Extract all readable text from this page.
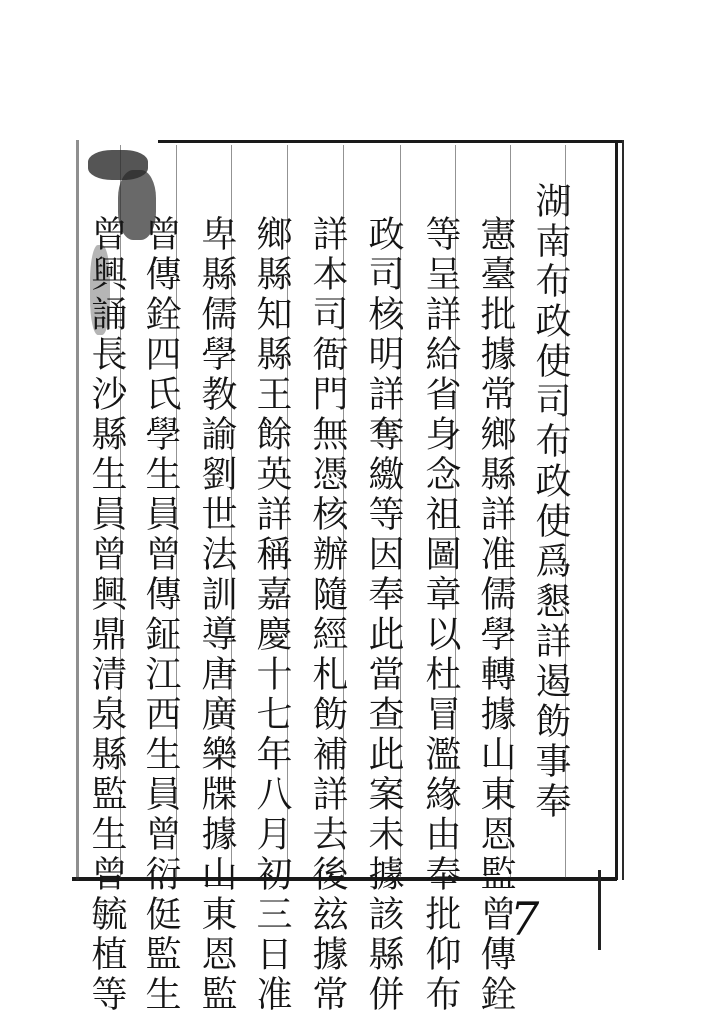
湖南布政使司布政使爲懇詳遏飭事奉
憲臺批據常鄉縣詳准儒學轉據山東恩監曾傳銓
等呈詳給省身念祖圖章以杜冒濫緣由奉批仰布
政司核明詳奪繳等因奉此當查此案未據該縣併
詳本司衙門無憑核辦隨經札飭補詳去後玆據常
鄉縣知縣王餘英詳稱嘉慶十七年八月初三日准
卑縣儒學教諭劉世法訓導唐廣樂牒據山東恩監
曾傳銓四氏學生員曾傳鉦江西生員曾衍侹監生
曾興誦長沙縣生員曾興鼎清泉縣監生曾毓植等	7
